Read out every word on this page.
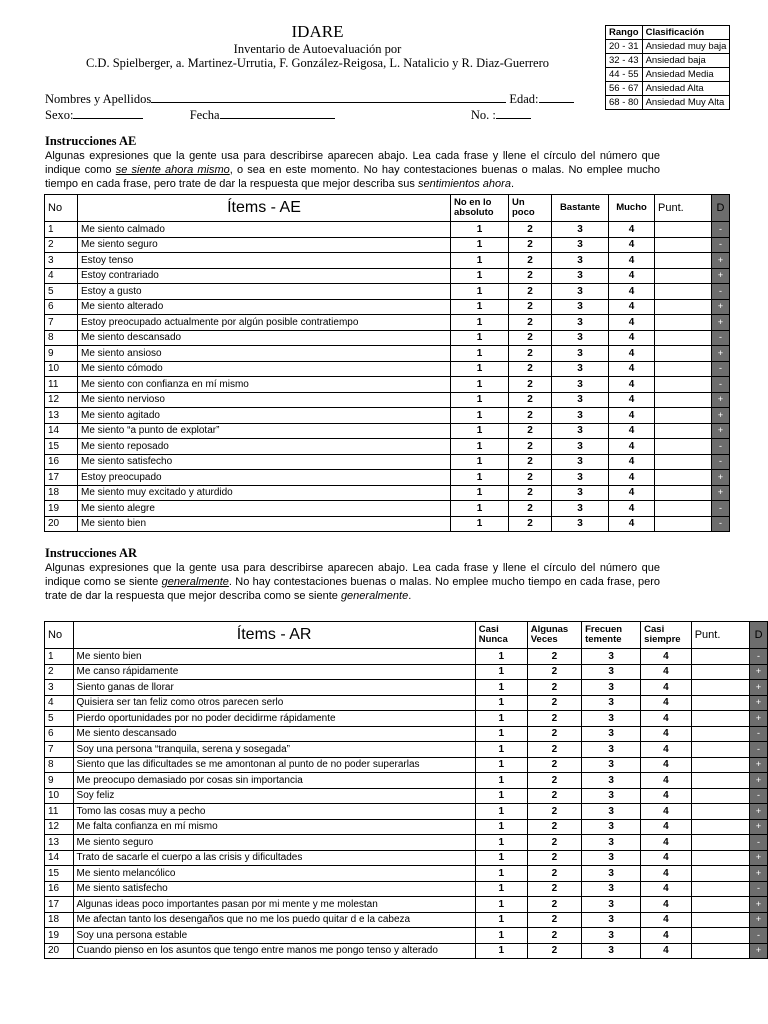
IDARE
Inventario de Autoevaluación por
C.D. Spielberger, a. Martinez-Urrutia, F. González-Reigosa, L. Natalicio y R. Diaz-Guerrero
Rango	Clasificación
20 - 31	Ansiedad muy baja
32 - 43	Ansiedad baja
44 - 55	Ansiedad Media
56 - 67	Ansiedad Alta
68 - 80	Ansiedad Muy Alta
Nombres y Apellidos	Edad:
Sexo:	Fecha	No. :
Instrucciones AE

Algunas expresiones que la gente usa para describirse aparecen abajo. Lea cada frase y llene el círculo del número que indique como se siente ahora mismo, o sea en este momento. No hay contestaciones buenas o malas. No emplee mucho tiempo en cada frase, pero trate de dar la respuesta que mejor describa sus sentimientos ahora.

No	Ítems - AE	No en lo absoluto	Un poco	Bastante	Mucho	Punt.	D
1	Me siento calmado	1	2	3	4		-
2	Me siento seguro	1	2	3	4		-
3	Estoy tenso	1	2	3	4		+
4	Estoy contrariado	1	2	3	4		+
5	Estoy a gusto	1	2	3	4		-
6	Me siento alterado	1	2	3	4		+
7	Estoy preocupado actualmente por algún posible contratiempo	1	2	3	4		+
8	Me siento descansado	1	2	3	4		-
9	Me siento ansioso	1	2	3	4		+
10	Me siento cómodo	1	2	3	4		-
11	Me siento con confianza en mí mismo	1	2	3	4		-
12	Me siento nervioso	1	2	3	4		+
13	Me siento agitado	1	2	3	4		+
14	Me siento “a punto de explotar”	1	2	3	4		+
15	Me siento reposado	1	2	3	4		-
16	Me siento satisfecho	1	2	3	4		-
17	Estoy preocupado	1	2	3	4		+
18	Me siento muy excitado y aturdido	1	2	3	4		+
19	Me siento alegre	1	2	3	4		-
20	Me siento bien	1	2	3	4		-
Instrucciones AR

Algunas expresiones que la gente usa para describirse aparecen abajo. Lea cada frase y llene el círculo del número que indique como se siente generalmente. No hay contestaciones buenas o malas. No emplee mucho tiempo en cada frase, pero trate de dar la respuesta que mejor describa como se siente generalmente.

No	Ítems - AR	Casi Nunca	Algunas Veces	Frecuen temente	Casi siempre	Punt.	D
1	Me siento bien	1	2	3	4		-
2	Me canso rápidamente	1	2	3	4		+
3	Siento ganas de llorar	1	2	3	4		+
4	Quisiera ser tan feliz como otros parecen serlo	1	2	3	4		+
5	Pierdo oportunidades por no poder decidirme rápidamente	1	2	3	4		+
6	Me siento descansado	1	2	3	4		-
7	Soy una persona “tranquila, serena y sosegada”	1	2	3	4		-
8	Siento que las dificultades se me amontonan al punto de no poder superarlas	1	2	3	4		+
9	Me preocupo demasiado por cosas sin importancia	1	2	3	4		+
10	Soy feliz	1	2	3	4		-
11	Tomo las cosas muy a pecho	1	2	3	4		+
12	Me falta confianza en mí mismo	1	2	3	4		+
13	Me siento seguro	1	2	3	4		-
14	Trato de sacarle el cuerpo a las crisis y dificultades	1	2	3	4		+
15	Me siento melancólico	1	2	3	4		+
16	Me siento satisfecho	1	2	3	4		-
17	Algunas ideas poco importantes pasan por mi mente y me molestan	1	2	3	4		+
18	Me afectan tanto los desengaños que no me los puedo quitar d e la cabeza	1	2	3	4		+
19	Soy una persona estable	1	2	3	4		-
20	Cuando pienso en los asuntos que tengo entre manos me pongo tenso y alterado	1	2	3	4		+
